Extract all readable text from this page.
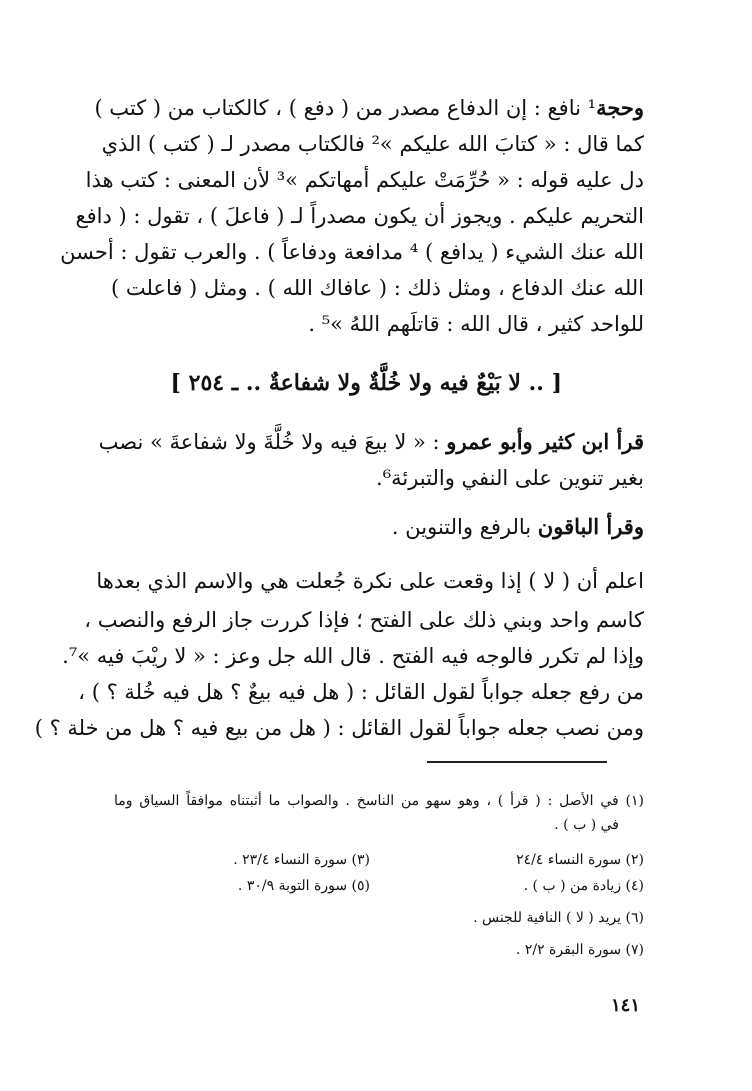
وحجة¹ نافع : إن الدفاع مصدر من ( دفع ) ، كالكتاب من ( كتب )
كما قال : « كتابَ الله عليكم »² فالكتاب مصدر لـ ( كتب ) الذي
دل عليه قوله : « حُرِّمَتْ عليكم أمهاتكم »³ لأن المعنى : كتب هذا
التحريم عليكم . ويجوز أن يكون مصدراً لـ ( فاعلَ ) ، تقول : ( دافع
الله عنك الشيء ( يدافع ) ⁴ مدافعة ودفاعاً ) . والعرب تقول : أحسن
الله عنك الدفاع ، ومثل ذلك : ( عافاك الله ) . ومثل ( فاعلت )
للواحد كثير ، قال الله : قاتلَهم اللهُ »⁵ .
[ .. لا بَيْعٌ فيه ولا خُلَّةٌ ولا شفاعةٌ .. ـ ٢٥٤ ]
قرأ ابن كثير وأبو عمرو : « لا بيعَ فيه ولا خُلَّةَ ولا شفاعةَ » نصب
بغير تنوين على النفي والتبرئة⁶.
وقرأ الباقون بالرفع والتنوين .
اعلم أن ( لا ) إذا وقعت على نكرة جُعلت هي والاسم الذي بعدها
كاسم واحد وبني ذلك على الفتح ؛ فإذا كررت جاز الرفع والنصب ،
وإذا لم تكرر فالوجه فيه الفتح . قال الله جل وعز : « لا ريْبَ فيه »⁷.
من رفع جعله جواباً لقول القائل : ( هل فيه بيعٌ ؟ هل فيه خُلة ؟ ) ،
ومن نصب جعله جواباً لقول القائل : ( هل من بيع فيه ؟ هل من خلة ؟ )
(١) في الأصل : ( قرأ ) ، وهو سهو من الناسخ . والصواب ما أثبتناه موافقاً السياق وما
في ( ب ) .
(٢) سورة النساء ٢٤/٤
(٣) سورة النساء ٢٣/٤ .
(٤) زيادة من ( ب ) .
(٥) سورة التوبة ٣٠/٩ .
(٦) يريد ( لا ) النافية للجنس .
(٧) سورة البقرة ٢/٢ .
١٤١
